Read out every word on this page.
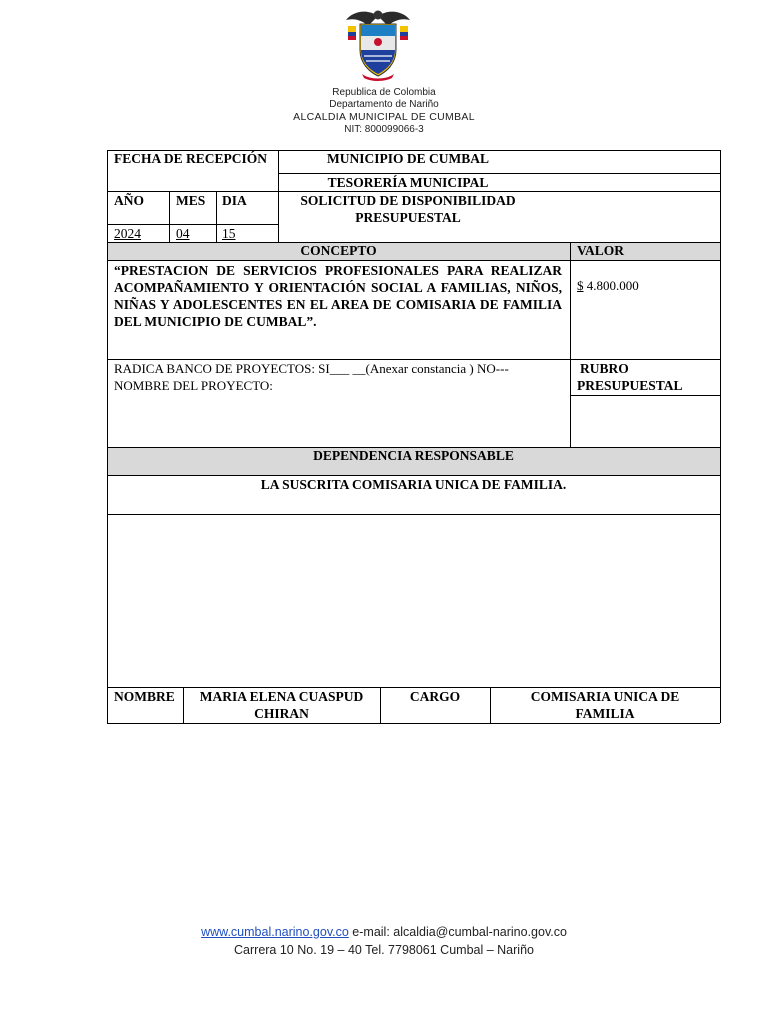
Republica de Colombia
Departamento de Nariño
ALCALDIA MUNICIPAL DE CUMBAL
NIT: 800099066-3
FECHA DE RECEPCIÓN	MUNICIPIO DE CUMBAL
TESORERÍA MUNICIPAL
SOLICITUD DE DISPONIBILIDAD
PRESUPUESTAL
AÑO MES DIA
2024	04 15
CONCEPTO	VALOR
“PRESTACION DE SERVICIOS PROFESIONALES PARA REALIZAR ACOMPAÑAMIENTO Y ORIENTACIÓN SOCIAL A FAMILIAS, NIÑOS, NIÑAS Y ADOLESCENTES EN EL AREA DE COMISARIA DE FAMILIA DEL MUNICIPIO DE CUMBAL”.
$ 4.800.000
RADICA BANCO DE PROYECTOS: SI___ __(Anexar constancia ) NO---
NOMBRE DEL PROYECTO:
RUBRO
PRESUPUESTAL
DEPENDENCIA RESPONSABLE
LA SUSCRITA COMISARIA UNICA DE FAMILIA.
NOMBRE	MARIA ELENA CUASPUD
CHIRAN
CARGO	COMISARIA UNICA DE
FAMILIA
www.cumbal.narino.gov.co e-mail: alcaldia@cumbal-narino.gov.co
Carrera 10 No. 19 – 40 Tel. 7798061 Cumbal – Nariño
